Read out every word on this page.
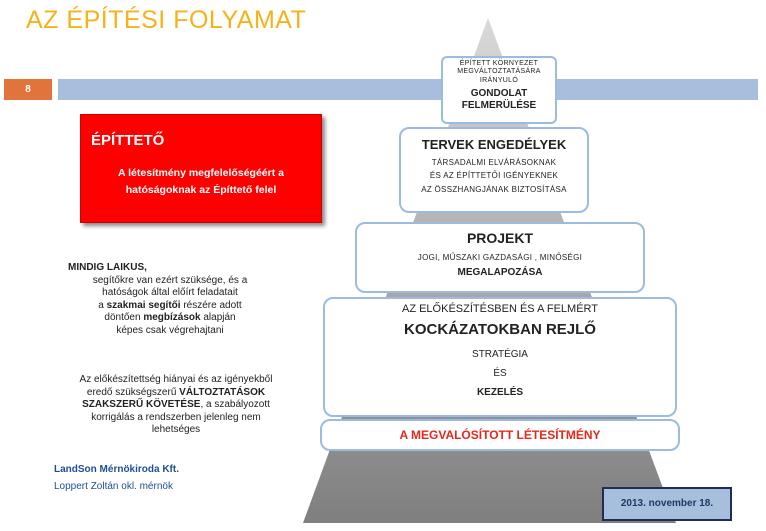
AZ ÉPÍTÉSI FOLYAMAT
8
ÉPÍTETT KÖRNYEZET
MEGVÁLTOZTATÁSÁRA
IRÁNYULÓ
GONDOLAT
FELMERÜLÉSE
TERVEK ENGEDÉLYEK
TÁRSADALMI ELVÁRÁSOKNAK
ÉS AZ ÉPÍTTETŐI IGÉNYEKNEK
AZ ÖSSZHANGJÁNAK BIZTOSÍTÁSA
PROJEKT
JOGI, MŰSZAKI GAZDASÁGI , MINŐSÉGI
MEGALAPOZÁSA
AZ ELŐKÉSZÍTÉSBEN ÉS A FELMÉRT
KOCKÁZATOKBAN REJLŐ
STRATÉGIA
ÉS
KEZELÉS
A MEGVALÓSÍTOTT LÉTESÍTMÉNY
ÉPÍTTETŐ
A létesítmény megfelelőségéért a hatóságoknak az Építtető felel
MINDIG LAIKUS,
segítőkre van ezért szüksége, és a
hatóságok által előírt feladatait
a szakmai segítői részére adott
döntően megbízások alapján
képes csak végrehajtani
Az előkészítettség hiányai és az igényekből
eredő szükségszerű VÁLTOZTATÁSOK
SZAKSZERŰ KÖVETÉSE, a szabályozott
korrigálás a rendszerben jelenleg nem
lehetséges
LandSon Mérnökiroda Kft.
Loppert Zoltán okl. mérnök
2013. november 18.
